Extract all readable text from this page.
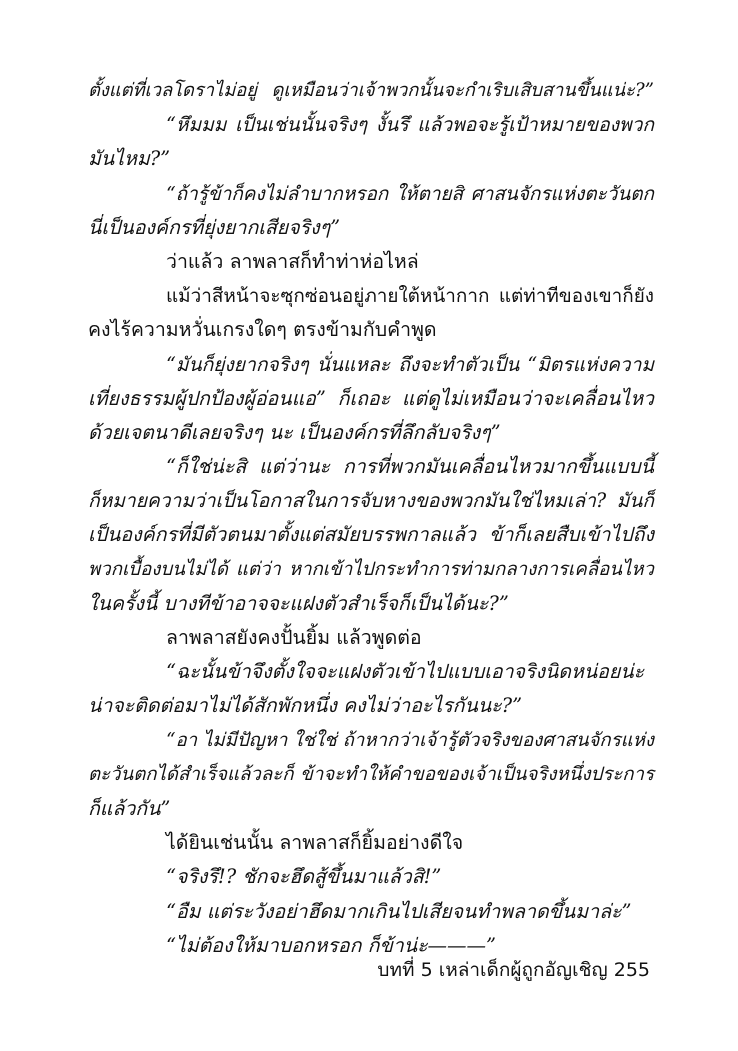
ตั้งแต่ที่เวลโดราไม่อยู่ ดูเหมือนว่าเจ้าพวกนั้นจะกำเริบเสิบสานขึ้นแน่ะ?”
“หึมมม เป็นเช่นนั้นจริงๆ งั้นรึ แล้วพอจะรู้เป้าหมายของพวก
มันไหม?”
“ถ้ารู้ข้าก็คงไม่ลำบากหรอก ให้ตายสิ ศาสนจักรแห่งตะวันตก
นี่เป็นองค์กรที่ยุ่งยากเสียจริงๆ”
ว่าแล้ว ลาพลาสก็ทำท่าห่อไหล่
แม้ว่าสีหน้าจะซุกซ่อนอยู่ภายใต้หน้ากาก แต่ท่าทีของเขาก็ยัง
คงไร้ความหวั่นเกรงใดๆ ตรงข้ามกับคำพูด
“มันก็ยุ่งยากจริงๆ นั่นแหละ ถึงจะทำตัวเป็น “มิตรแห่งความ
เที่ยงธรรมผู้ปกป้องผู้อ่อนแอ” ก็เถอะ แต่ดูไม่เหมือนว่าจะเคลื่อนไหว
ด้วยเจตนาดีเลยจริงๆ นะ เป็นองค์กรที่ลึกลับจริงๆ”
“ก็ใช่น่ะสิ แต่ว่านะ การที่พวกมันเคลื่อนไหวมากขึ้นแบบนี้
ก็หมายความว่าเป็นโอกาสในการจับหางของพวกมันใช่ไหมเล่า? มันก็
เป็นองค์กรที่มีตัวตนมาตั้งแต่สมัยบรรพกาลแล้ว ข้าก็เลยสืบเข้าไปถึง
พวกเบื้องบนไม่ได้ แต่ว่า หากเข้าไปกระทำการท่ามกลางการเคลื่อนไหว
ในครั้งนี้ บางทีข้าอาจจะแฝงตัวสำเร็จก็เป็นได้นะ?”
ลาพลาสยังคงปั้นยิ้ม แล้วพูดต่อ
“ฉะนั้นข้าจึงตั้งใจจะแฝงตัวเข้าไปแบบเอาจริงนิดหน่อยน่ะ
น่าจะติดต่อมาไม่ได้สักพักหนึ่ง คงไม่ว่าอะไรกันนะ?”
“อา ไม่มีปัญหา ใช่ใช่ ถ้าหากว่าเจ้ารู้ตัวจริงของศาสนจักรแห่ง
ตะวันตกได้สำเร็จแล้วละก็ ข้าจะทำให้คำขอของเจ้าเป็นจริงหนึ่งประการ
ก็แล้วกัน”
ได้ยินเช่นนั้น ลาพลาสก็ยิ้มอย่างดีใจ
“จริงรึ!? ชักจะฮึดสู้ขึ้นมาแล้วสิ!”
“อืม แต่ระวังอย่าฮึดมากเกินไปเสียจนทำพลาดขึ้นมาล่ะ”
“ไม่ต้องให้มาบอกหรอก ก็ข้าน่ะ———”
บทที่ 5 เหล่าเด็กผู้ถูกอัญเชิญ 255
